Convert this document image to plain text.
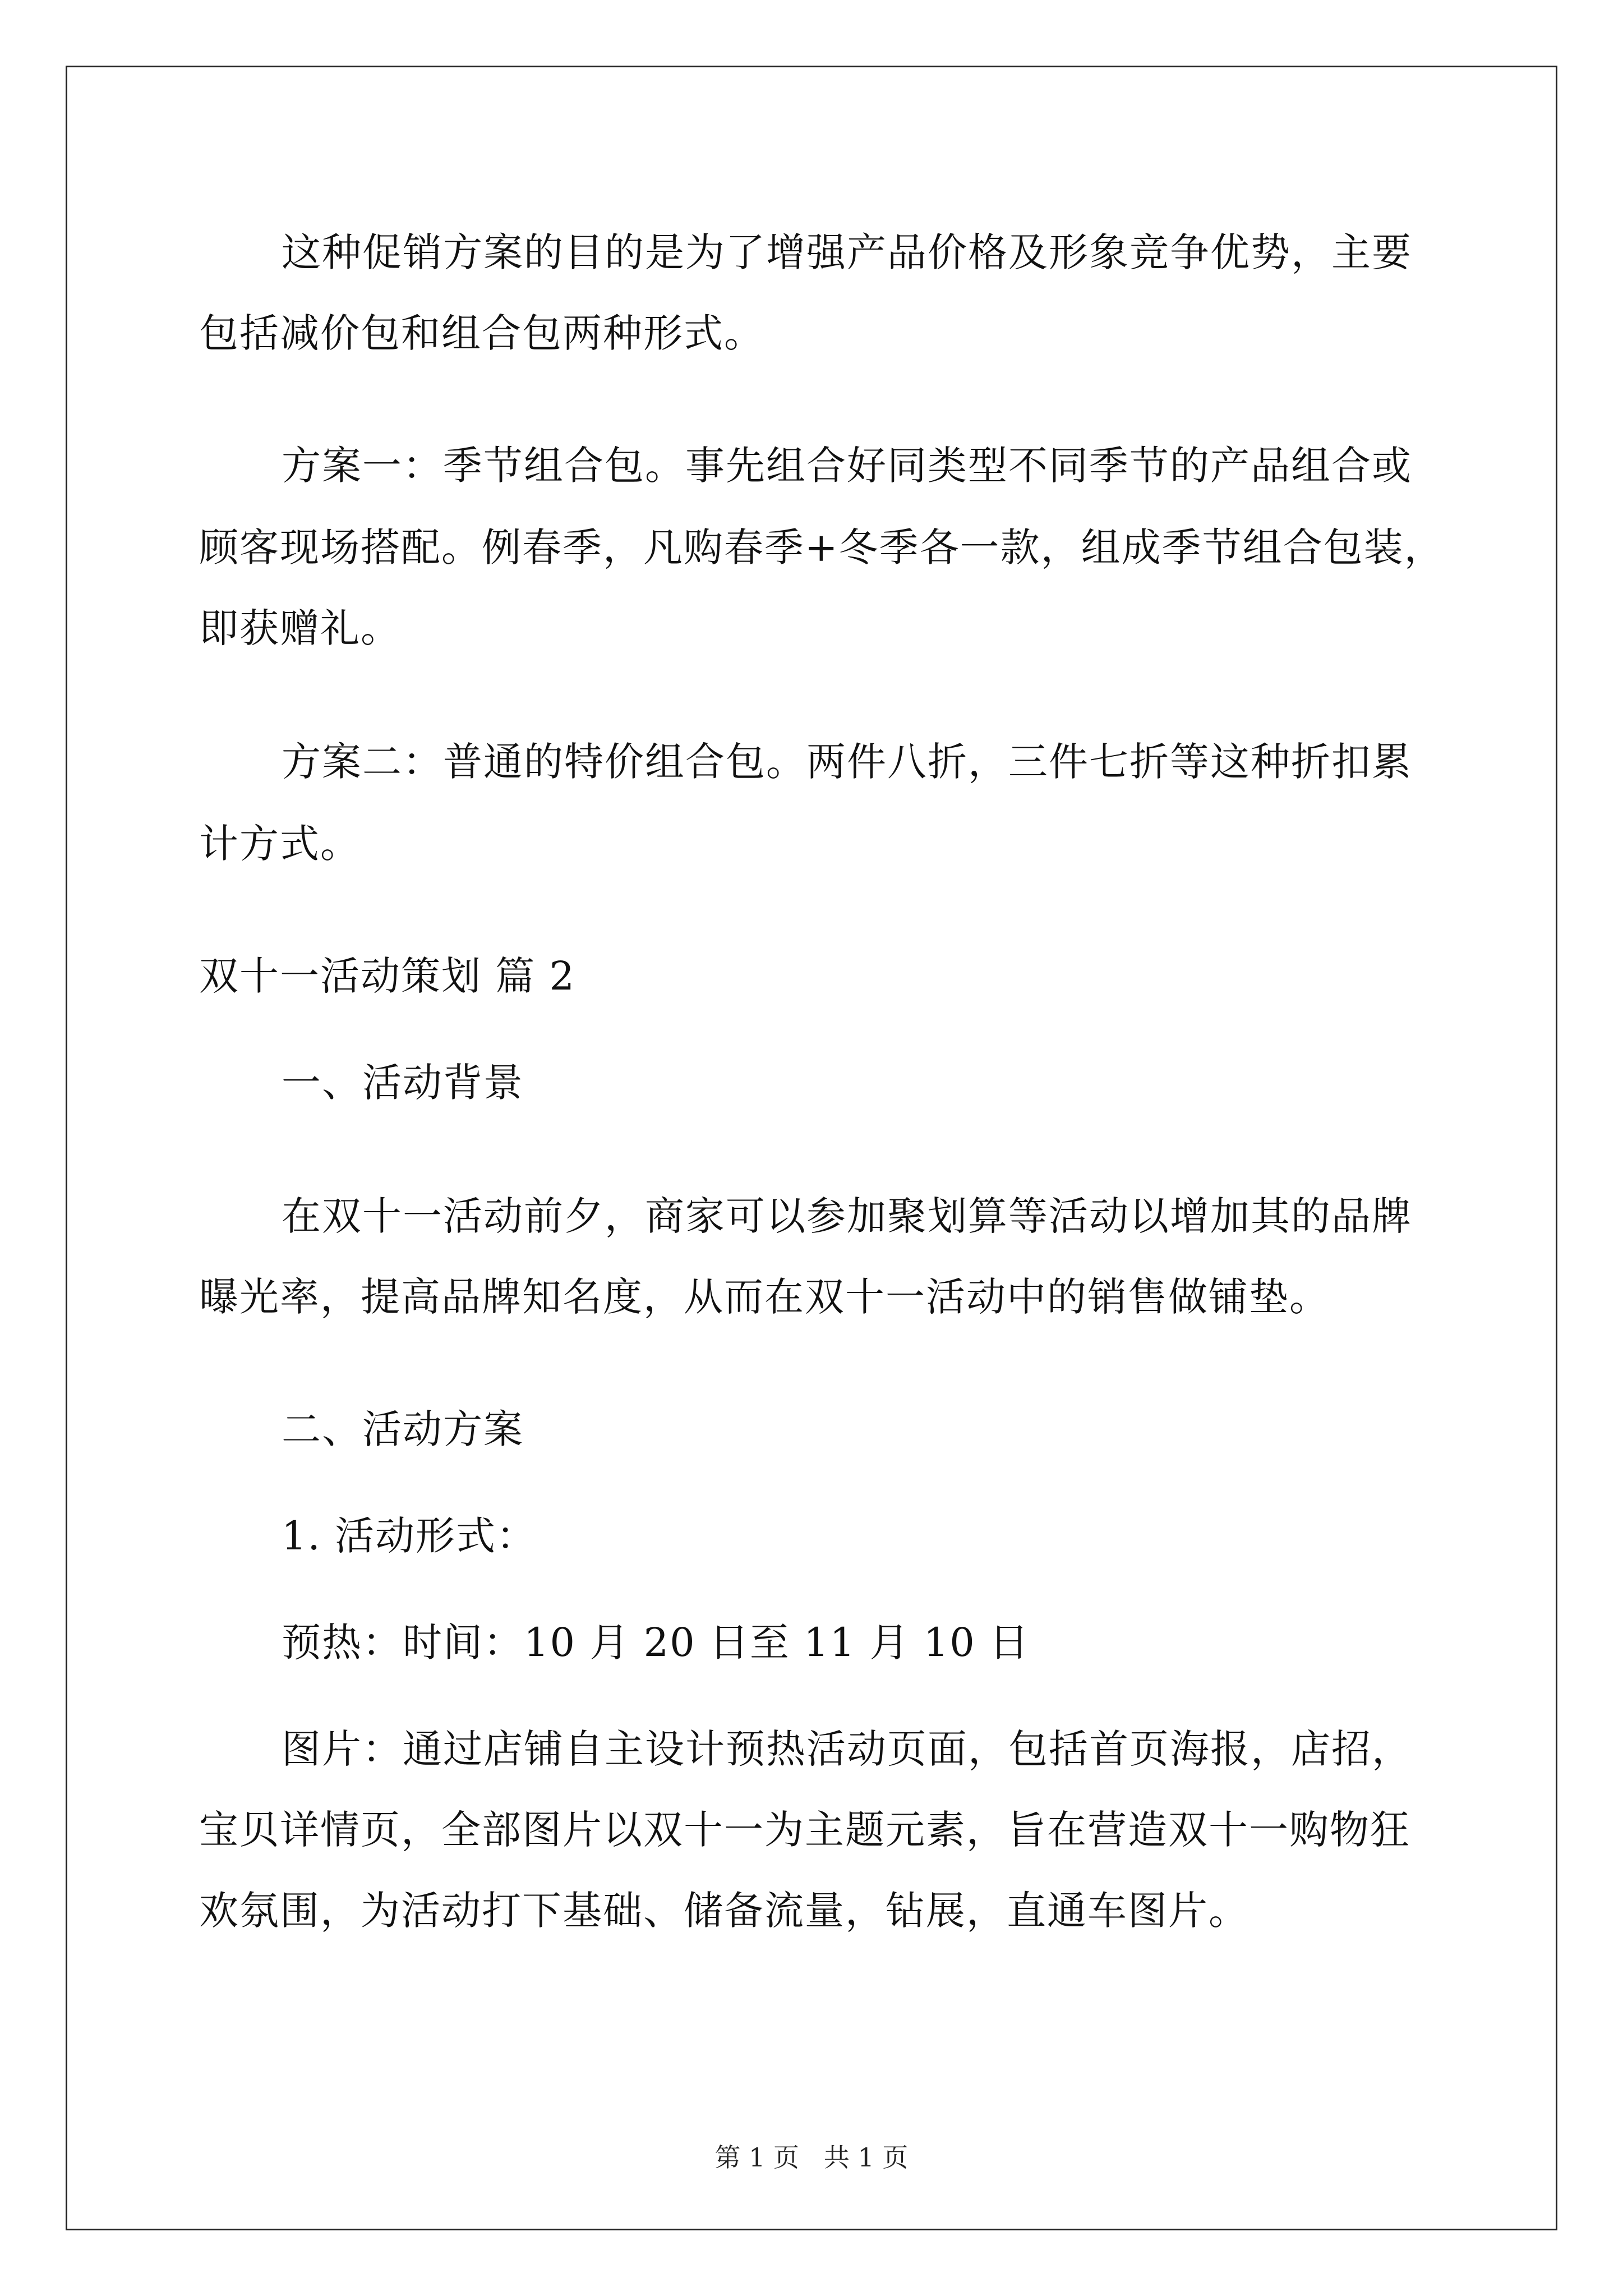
这种促销方案的目的是为了增强产品价格及形象竞争优势，主要
包括减价包和组合包两种形式。
方案一：季节组合包。事先组合好同类型不同季节的产品组合或
顾客现场搭配。例春季，凡购春季+冬季各一款，组成季节组合包装，
即获赠礼。
方案二：普通的特价组合包。两件八折，三件七折等这种折扣累
计方式。
双十一活动策划 篇 2
一、活动背景
在双十一活动前夕，商家可以参加聚划算等活动以增加其的品牌
曝光率，提高品牌知名度，从而在双十一活动中的销售做铺垫。
二、活动方案
1. 活动形式：
预热：时间：10 月 20 日至 11 月 10 日
图片：通过店铺自主设计预热活动页面，包括首页海报，店招，
宝贝详情页，全部图片以双十一为主题元素，旨在营造双十一购物狂
欢氛围，为活动打下基础、储备流量，钻展，直通车图片。
第 1 页   共 1 页
